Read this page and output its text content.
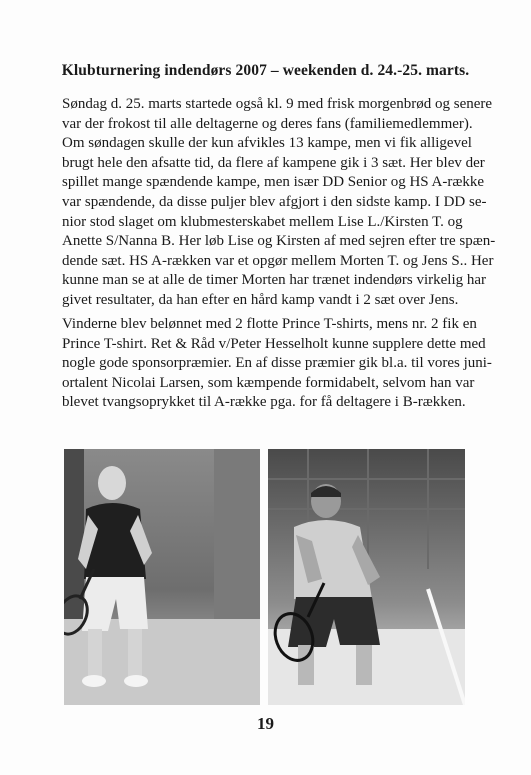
Klubturnering indendørs 2007 – weekenden d. 24.-25. marts.
Søndag d. 25. marts startede også kl. 9 med frisk morgenbrød og senere
var der frokost til alle deltagerne og deres fans (familiemedlemmer).
Om søndagen skulle der kun afvikles 13 kampe, men vi fik alligevel
brugt hele den afsatte tid, da flere af kampene gik i 3 sæt. Her blev der
spillet mange spændende kampe, men især DD Senior og HS A-række
var spændende, da disse puljer blev afgjort i den sidste kamp. I DD se-
nior stod slaget om klubmesterskabet mellem Lise L./Kirsten T. og
Anette S/Nanna B. Her løb Lise og Kirsten af med sejren efter tre spæn-
dende sæt. HS A-rækken var et opgør mellem Morten T. og Jens S.. Her
kunne man se at alle de timer Morten har trænet indendørs virkelig har
givet resultater, da han efter en hård kamp vandt i 2 sæt over Jens.
Vinderne blev belønnet med 2 flotte Prince T-shirts, mens nr. 2 fik en
Prince T-shirt. Ret & Råd v/Peter Hesselholt kunne supplere dette med
nogle gode sponsorpræmier. En af disse præmier gik bl.a. til vores juni-
ortalent Nicolai Larsen, som kæmpende formidabelt, selvom han var
blevet tvangsoprykket til A-række pga. for få deltagere i B-rækken.
19
